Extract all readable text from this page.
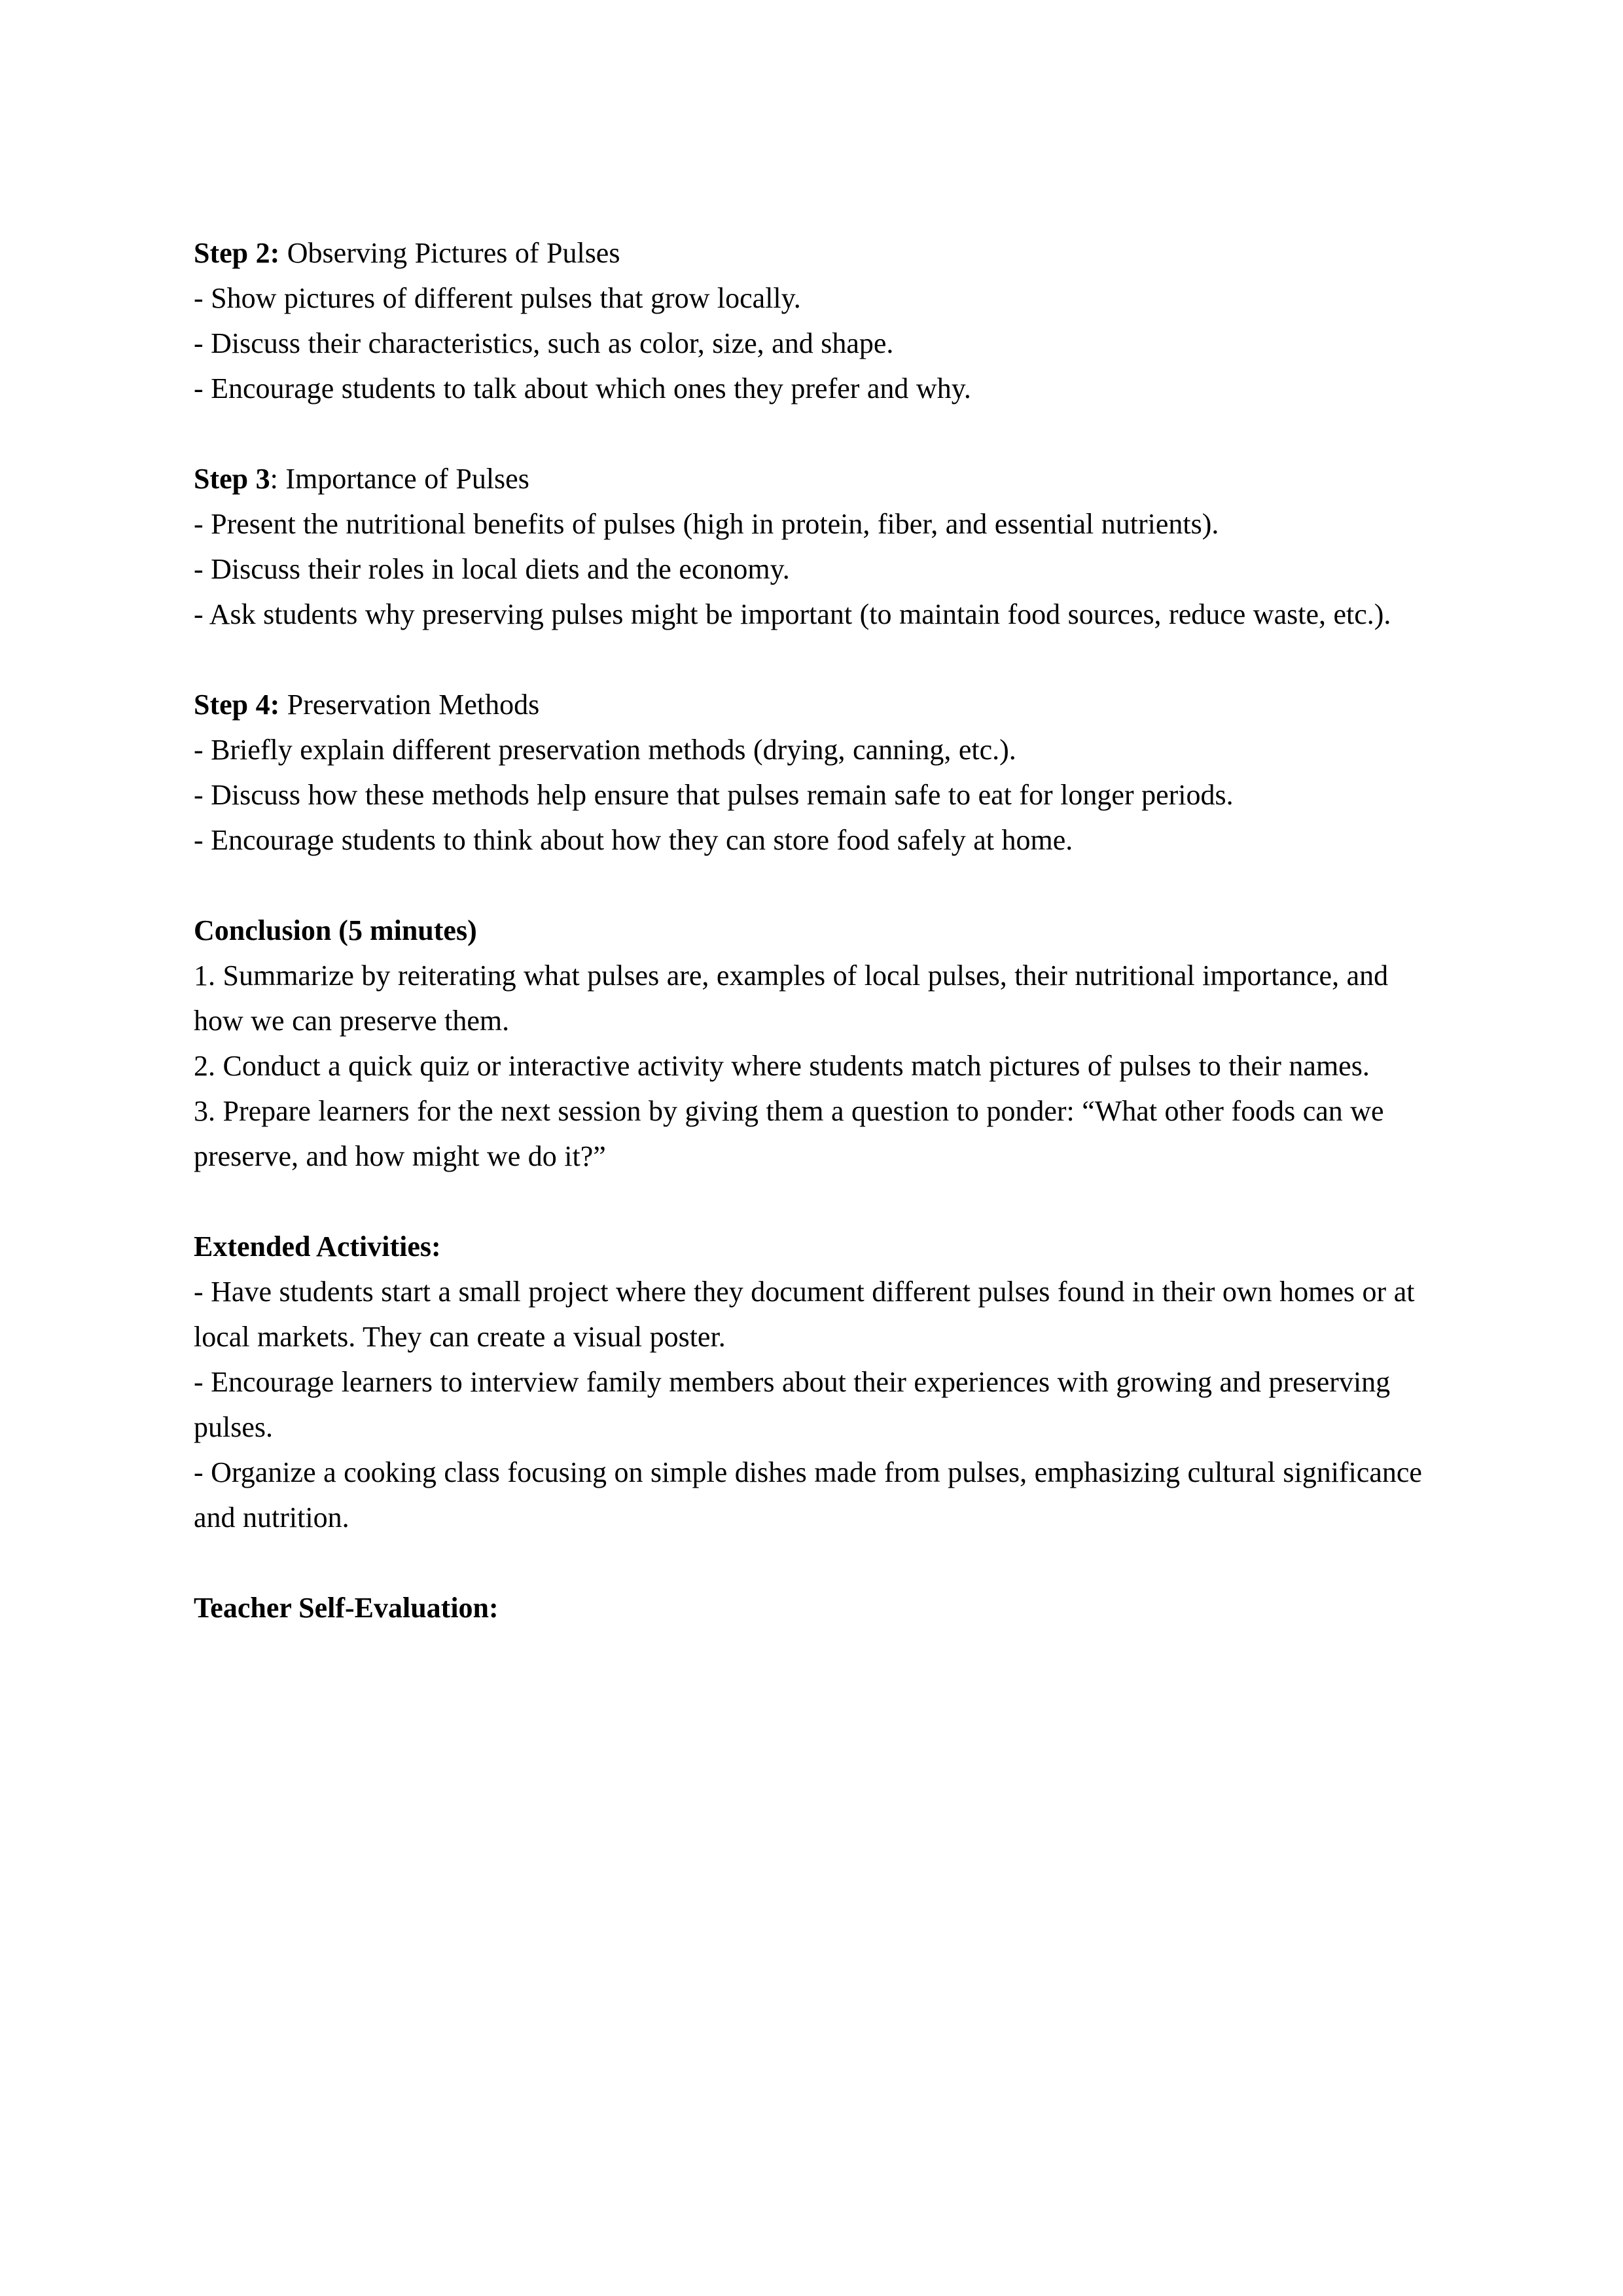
Step 2: Observing Pictures of Pulses

- Show pictures of different pulses that grow locally.

- Discuss their characteristics, such as color, size, and shape.

- Encourage students to talk about which ones they prefer and why.

Step 3: Importance of Pulses

- Present the nutritional benefits of pulses (high in protein, fiber, and essential nutrients).

- Discuss their roles in local diets and the economy.

- Ask students why preserving pulses might be important (to maintain food sources, reduce waste, etc.).

Step 4: Preservation Methods

- Briefly explain different preservation methods (drying, canning, etc.).

- Discuss how these methods help ensure that pulses remain safe to eat for longer periods.

- Encourage students to think about how they can store food safely at home.

Conclusion (5 minutes)

1. Summarize by reiterating what pulses are, examples of local pulses, their nutritional importance, and how we can preserve them.

2. Conduct a quick quiz or interactive activity where students match pictures of pulses to their names.

3. Prepare learners for the next session by giving them a question to ponder: “What other foods can we preserve, and how might we do it?”

Extended Activities:

- Have students start a small project where they document different pulses found in their own homes or at local markets. They can create a visual poster.

- Encourage learners to interview family members about their experiences with growing and preserving pulses.

- Organize a cooking class focusing on simple dishes made from pulses, emphasizing cultural significance and nutrition.

Teacher Self-Evaluation:
